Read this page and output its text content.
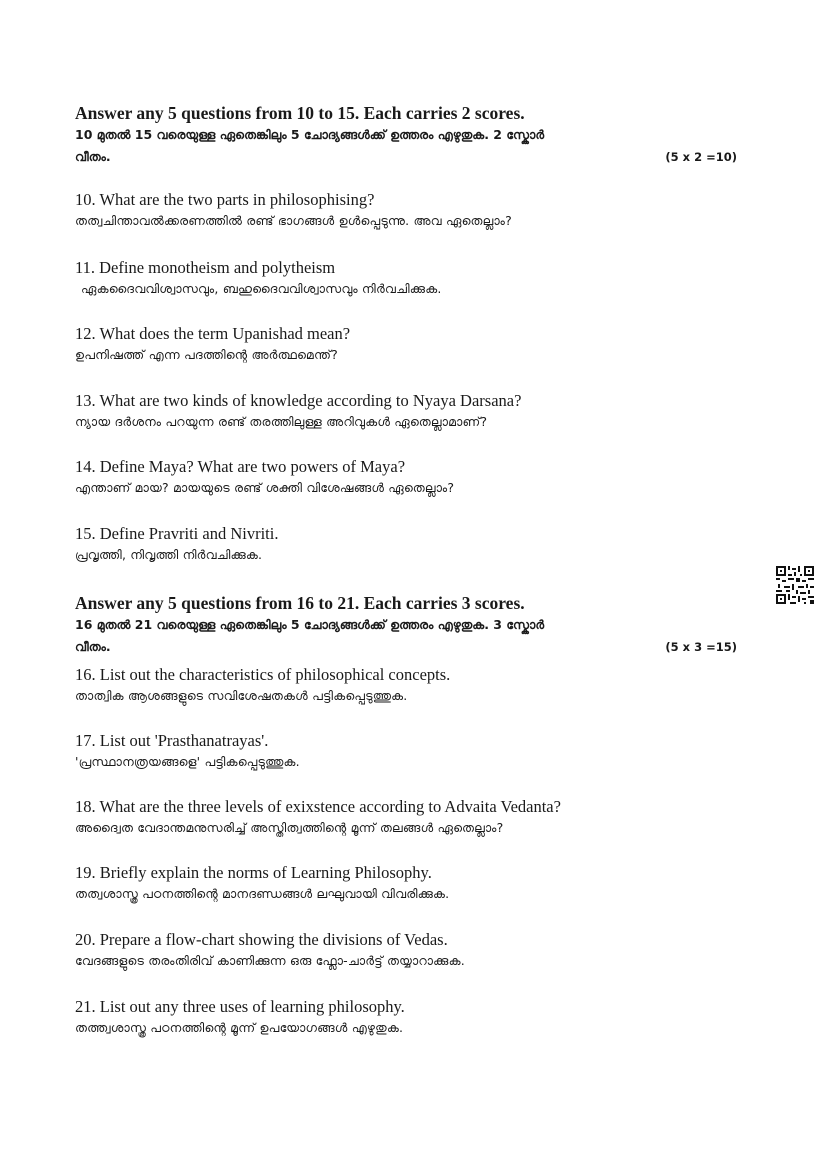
Answer any 5 questions from 10 to 15. Each carries 2 scores.

10 മുതൽ 15 വരെയുള്ള ഏതെങ്കിലും 5 ചോദ്യങ്ങൾക്ക് ഉത്തരം എഴുതുക. 2 സ്കോർ

വീതം.	(5 x 2 =10)

10. What are the two parts in philosophising?

തത്വചിന്താവൽക്കരണത്തിൽ രണ്ട് ഭാഗങ്ങൾ ഉൾപ്പെടുന്നു. അവ ഏതെല്ലാം?

11. Define monotheism and polytheism

ഏകദൈവവിശ്വാസവും, ബഹുദൈവവിശ്വാസവും നിർവചിക്കുക.

12. What does the term Upanishad mean?

ഉപനിഷത്ത് എന്ന പദത്തിന്റെ അർത്ഥമെന്ത്?

13. What are two kinds of knowledge according to Nyaya Darsana?

ന്യായ ദർശനം പറയുന്ന രണ്ട് തരത്തിലുള്ള അറിവുകൾ ഏതെല്ലാമാണ്?

14. Define Maya? What are two powers of Maya?

എന്താണ് മായ? മായയുടെ രണ്ട് ശക്തി വിശേഷങ്ങൾ ഏതെല്ലാം?

15. Define Pravriti and Nivriti.

പ്രവൃത്തി, നിവൃത്തി നിർവചിക്കുക.

Answer any 5 questions from 16 to 21. Each carries 3 scores.

16 മുതൽ 21 വരെയുള്ള ഏതെങ്കിലും 5 ചോദ്യങ്ങൾക്ക് ഉത്തരം എഴുതുക. 3 സ്കോർ

വീതം.	(5 x 3 =15)

16. List out the characteristics of philosophical concepts.

താത്വിക ആശങ്ങളുടെ സവിശേഷതകൾ പട്ടികപ്പെടുത്തുക.

17. List out 'Prasthanatrayas'.

'പ്രസ്ഥാനത്രയങ്ങളെ' പട്ടികപ്പെടുത്തുക.

18. What are the three levels of exixstence according to Advaita Vedanta?

അദ്വൈത വേദാന്തമനുസരിച്ച് അസ്തിത്വത്തിന്റെ മൂന്ന് തലങ്ങൾ ഏതെല്ലാം?

19. Briefly explain the norms of Learning Philosophy.

തത്വശാസ്ത്ര പഠനത്തിന്റെ മാനദണ്ഡങ്ങൾ ലഘുവായി വിവരിക്കുക.

20. Prepare a flow-chart showing the divisions of Vedas.

വേദങ്ങളുടെ തരംതിരിവ് കാണിക്കുന്ന ഒരു ഫ്ലോ-ചാർട്ട് തയ്യാറാക്കുക.

21. List out any three uses of learning philosophy.

തത്ത്വശാസ്ത്ര പഠനത്തിന്റെ മൂന്ന് ഉപയോഗങ്ങൾ എഴുതുക.
